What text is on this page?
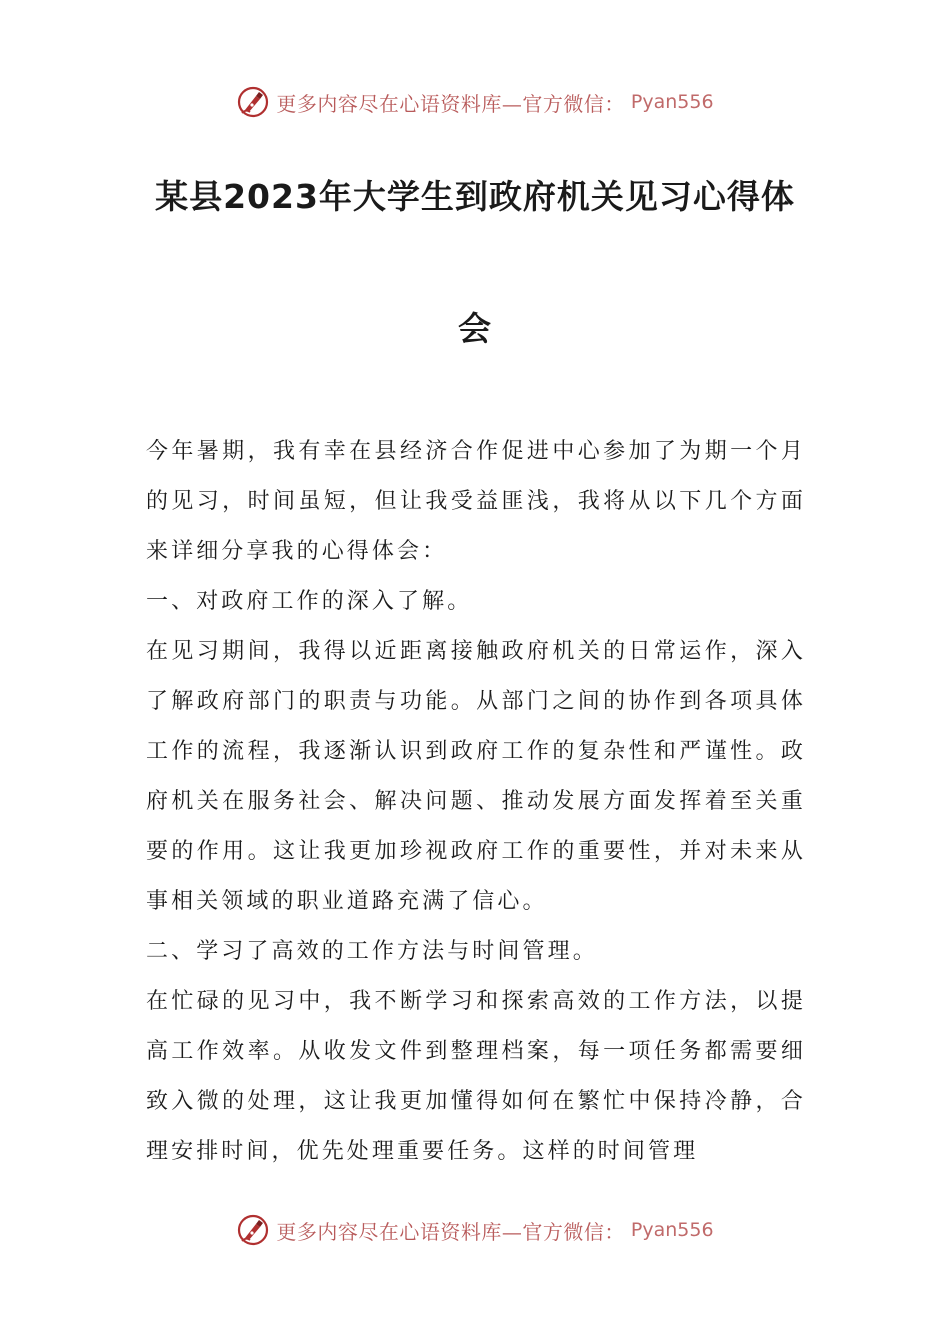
更多内容尽在心语资料库—官方微信： Pyan556
某县2023年大学生到政府机关见习心得体
会

今年暑期，我有幸在县经济合作促进中心参加了为期一个月的见习，时间虽短，但让我受益匪浅，我将从以下几个方面来详细分享我的心得体会：

一、对政府工作的深入了解。

在见习期间，我得以近距离接触政府机关的日常运作，深入了解政府部门的职责与功能。从部门之间的协作到各项具体工作的流程，我逐渐认识到政府工作的复杂性和严谨性。政府机关在服务社会、解决问题、推动发展方面发挥着至关重要的作用。这让我更加珍视政府工作的重要性，并对未来从事相关领域的职业道路充满了信心。

二、学习了高效的工作方法与时间管理。

在忙碌的见习中，我不断学习和探索高效的工作方法，以提高工作效率。从收发文件到整理档案，每一项任务都需要细致入微的处理，这让我更加懂得如何在繁忙中保持冷静，合理安排时间，优先处理重要任务。这样的时间管理

更多内容尽在心语资料库—官方微信： Pyan556
